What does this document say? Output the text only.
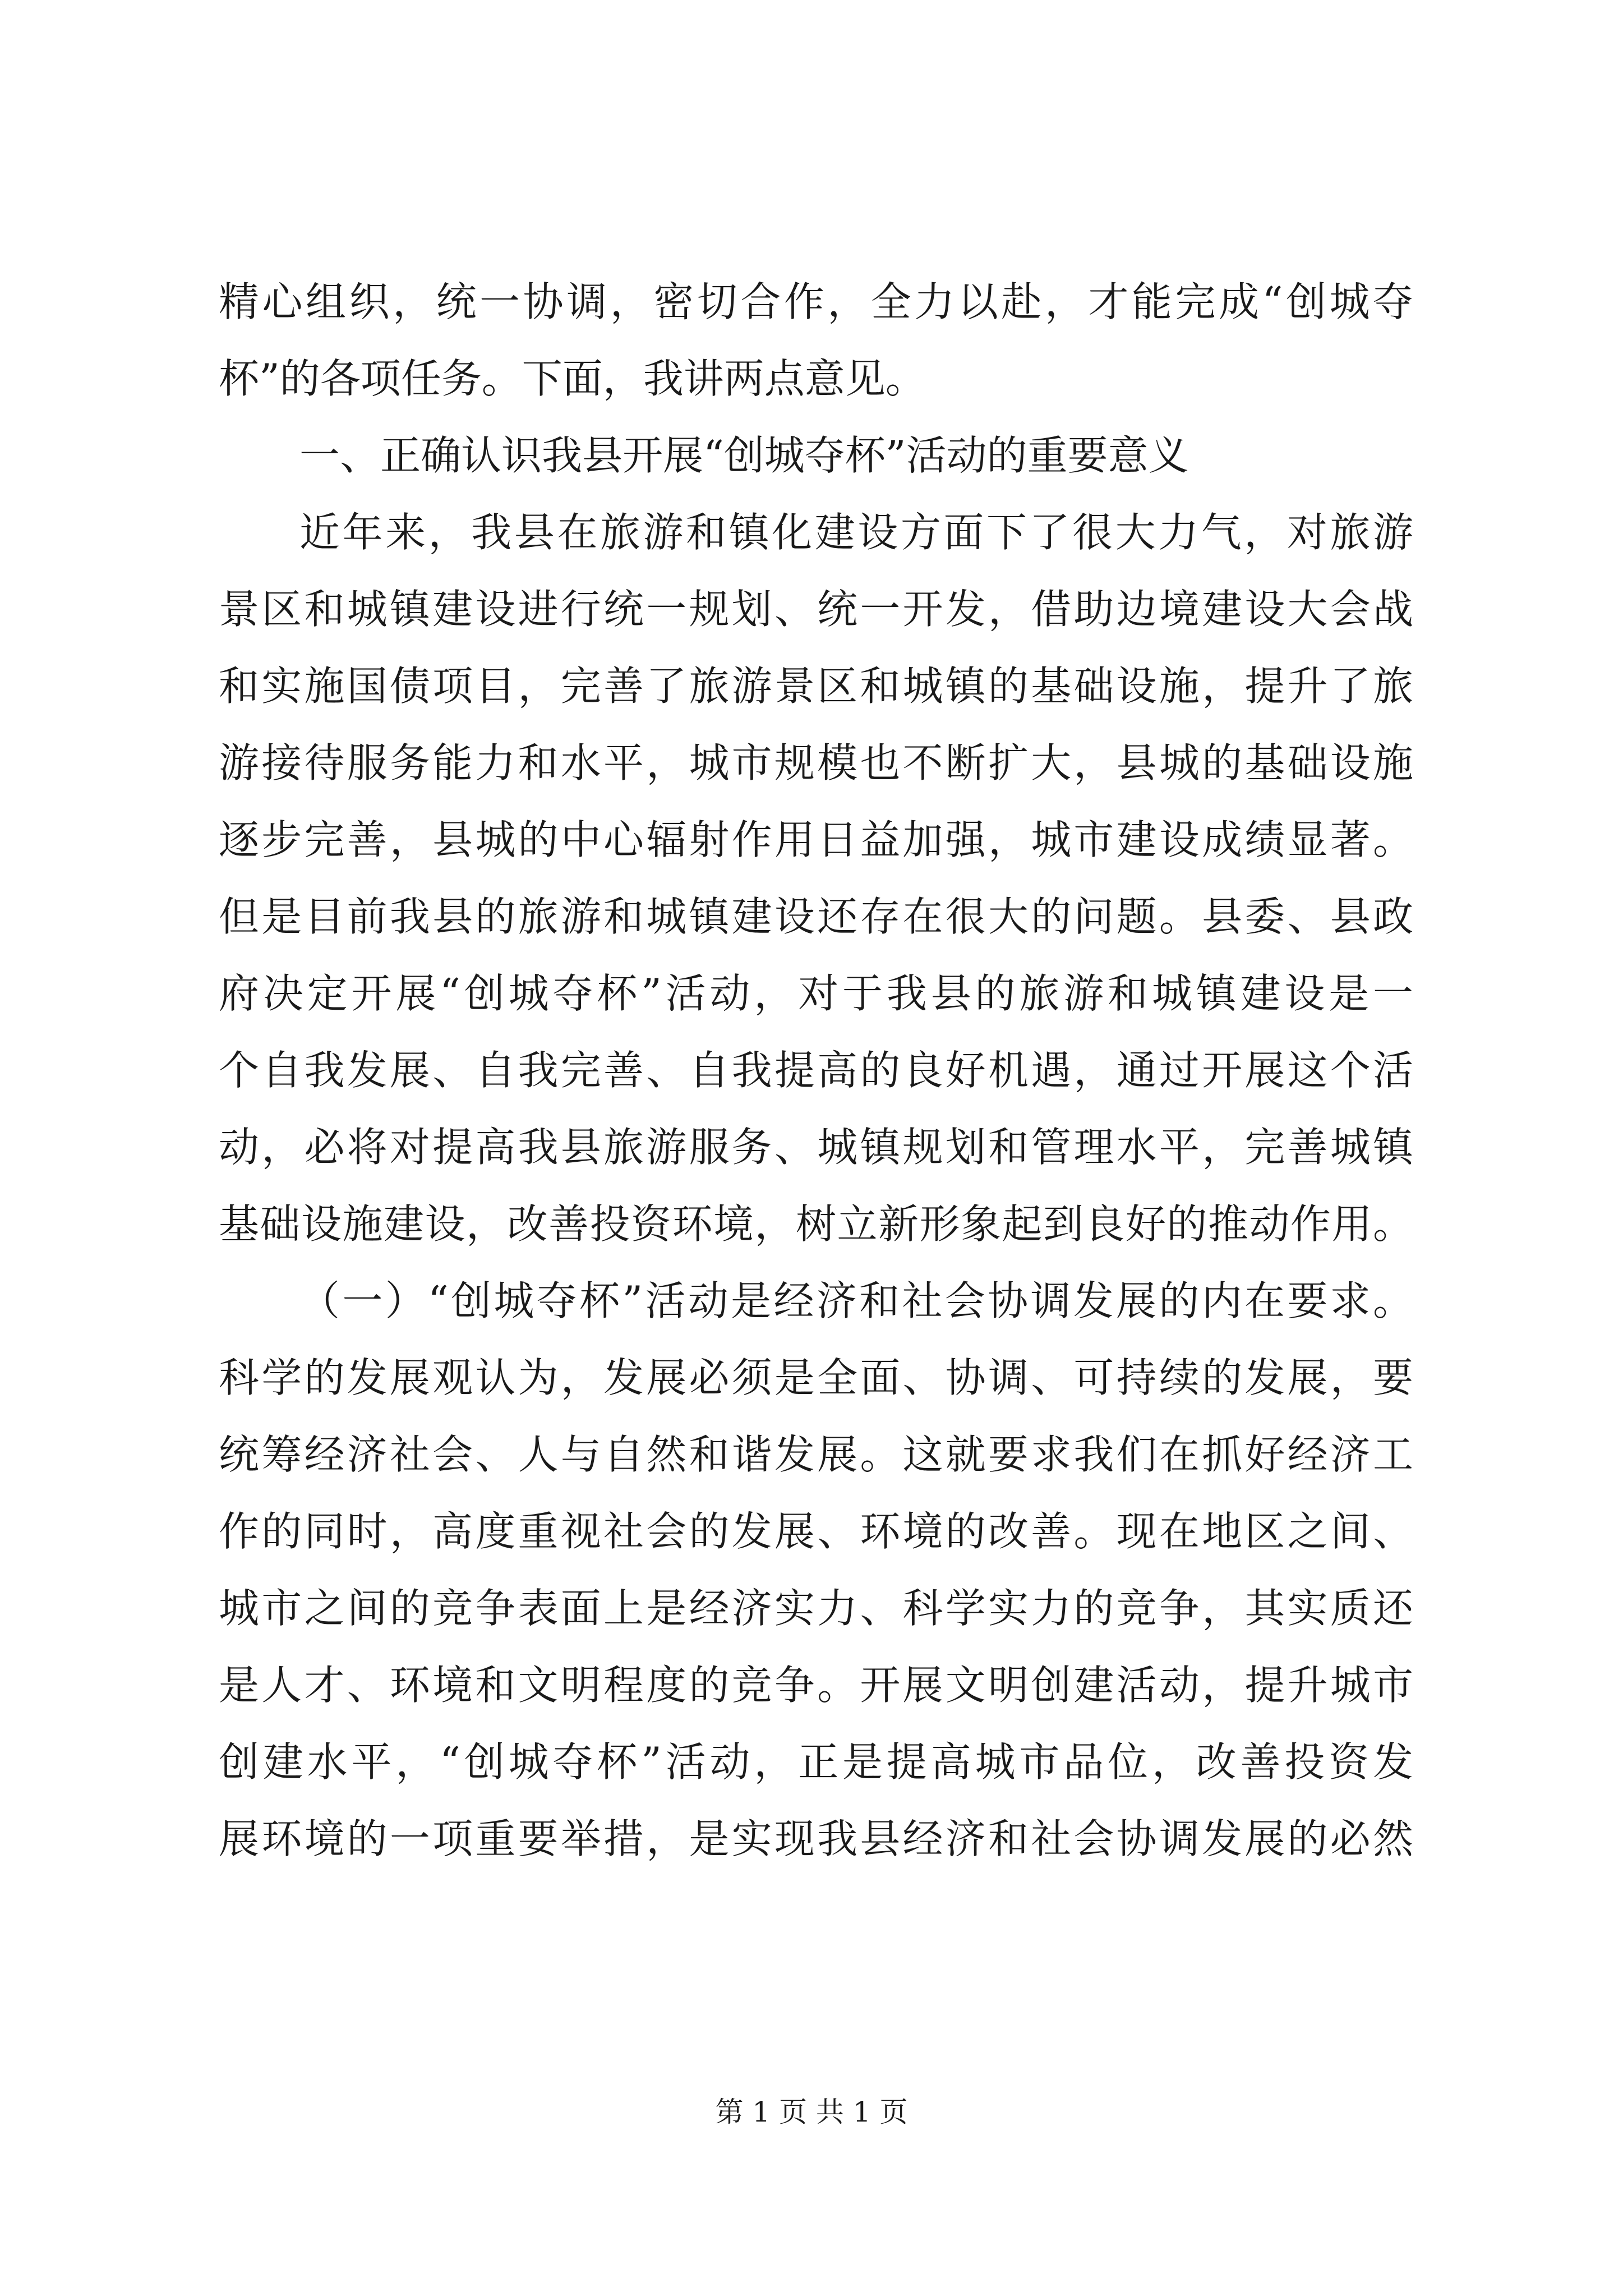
精心组织，统一协调，密切合作，全力以赴，才能完成“创城夺
杯”的各项任务。下面，我讲两点意见。
一、正确认识我县开展“创城夺杯”活动的重要意义
近年来，我县在旅游和镇化建设方面下了很大力气，对旅游
景区和城镇建设进行统一规划、统一开发，借助边境建设大会战
和实施国债项目，完善了旅游景区和城镇的基础设施，提升了旅
游接待服务能力和水平，城市规模也不断扩大，县城的基础设施
逐步完善，县城的中心辐射作用日益加强，城市建设成绩显著。
但是目前我县的旅游和城镇建设还存在很大的问题。县委、县政
府决定开展“创城夺杯”活动，对于我县的旅游和城镇建设是一
个自我发展、自我完善、自我提高的良好机遇，通过开展这个活
动，必将对提高我县旅游服务、城镇规划和管理水平，完善城镇
基础设施建设，改善投资环境，树立新形象起到良好的推动作用。
（一）“创城夺杯”活动是经济和社会协调发展的内在要求。
科学的发展观认为，发展必须是全面、协调、可持续的发展，要
统筹经济社会、人与自然和谐发展。这就要求我们在抓好经济工
作的同时，高度重视社会的发展、环境的改善。现在地区之间、
城市之间的竞争表面上是经济实力、科学实力的竞争，其实质还
是人才、环境和文明程度的竞争。开展文明创建活动，提升城市
创建水平，“创城夺杯”活动，正是提高城市品位，改善投资发
展环境的一项重要举措，是实现我县经济和社会协调发展的必然
第 1 页 共 1 页
